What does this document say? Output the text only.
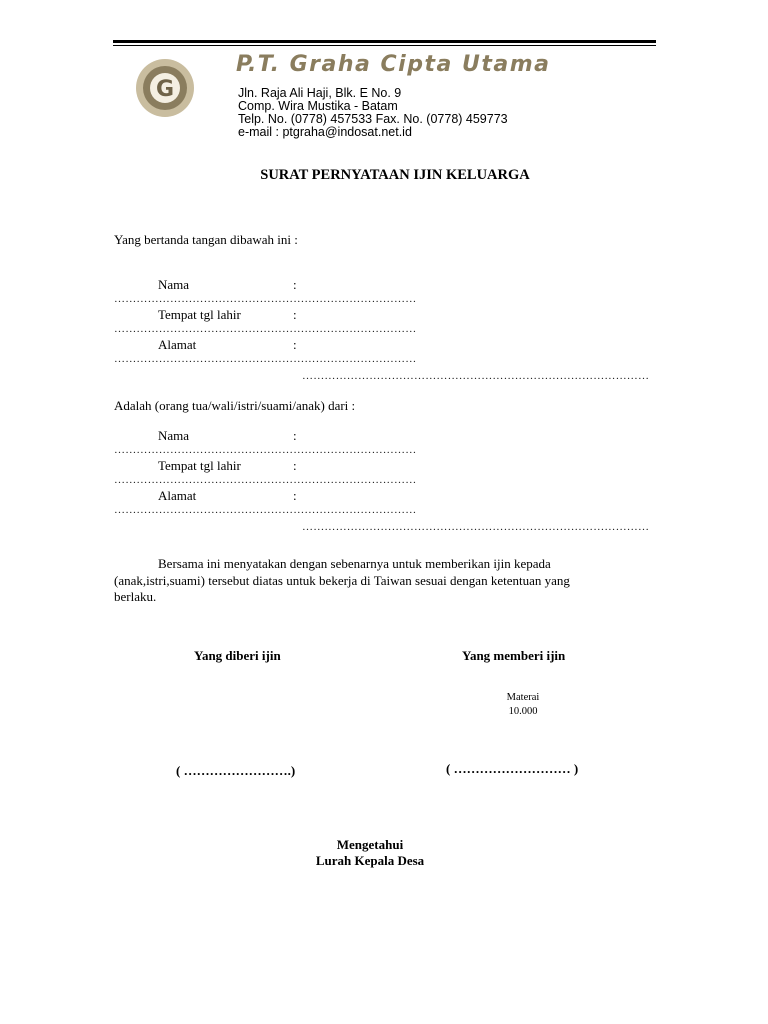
G
P.T. Graha Cipta Utama
Jln. Raja Ali Haji, Blk. E No. 9
Comp. Wira Mustika - Batam
Telp. No. (0778) 457533 Fax. No. (0778) 459773
e-mail : ptgraha@indosat.net.id
SURAT PERNYATAAN IJIN KELUARGA
Yang bertanda tangan dibawah ini :
Nama	:
………………………………………………………………………
Tempat tgl lahir	:
………………………………………………………………………
Alamat	:
………………………………………………………………………
…………………………………………………………………………………
Adalah (orang tua/wali/istri/suami/anak) dari :
Nama	:
………………………………………………………………………
Tempat tgl lahir	:
………………………………………………………………………
Alamat	:
………………………………………………………………………
…………………………………………………………………………………
Bersama ini menyatakan dengan sebenarnya untuk memberikan ijin kepada
(anak,istri,suami) tersebut diatas untuk bekerja di Taiwan sesuai dengan ketentuan yang
berlaku.
Yang diberi ijin	Yang memberi ijin
Materai
10.000
( …………………….)	( ……………………… )
Mengetahui
Lurah Kepala Desa
